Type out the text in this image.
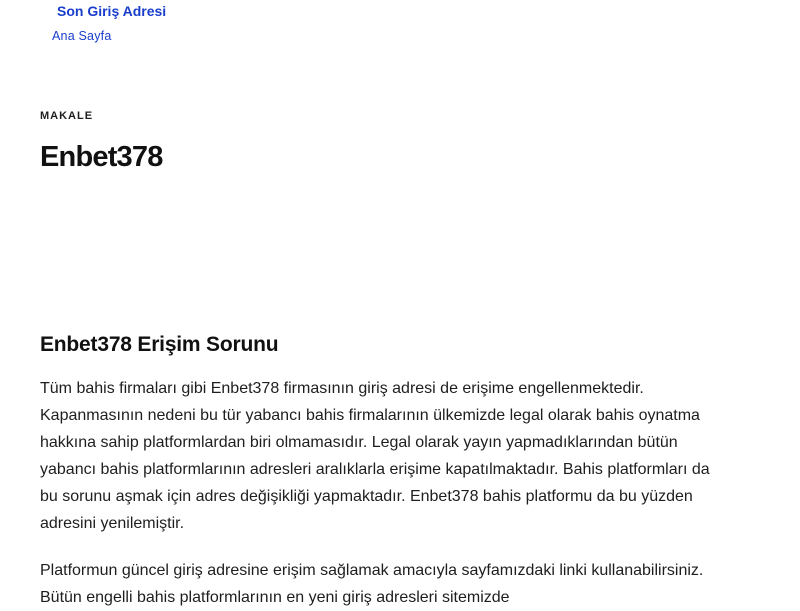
Son Giriş Adresi
Ana Sayfa
MAKALE
Enbet378
Enbet378 Erişim Sorunu

Tüm bahis firmaları gibi Enbet378 firmasının giriş adresi de erişime engellenmektedir. Kapanmasının nedeni bu tür yabancı bahis firmalarının ülkemizde legal olarak bahis oynatma hakkına sahip platformlardan biri olmamasıdır. Legal olarak yayın yapmadıklarından bütün yabancı bahis platformlarının adresleri aralıklarla erişime kapatılmaktadır. Bahis platformları da bu sorunu aşmak için adres değişikliği yapmaktadır. Enbet378 bahis platformu da bu yüzden adresini yenilemiştir.

Platformun güncel giriş adresine erişim sağlamak amacıyla sayfamızdaki linki kullanabilirsiniz. Bütün engelli bahis platformlarının en yeni giriş adresleri sitemizde
